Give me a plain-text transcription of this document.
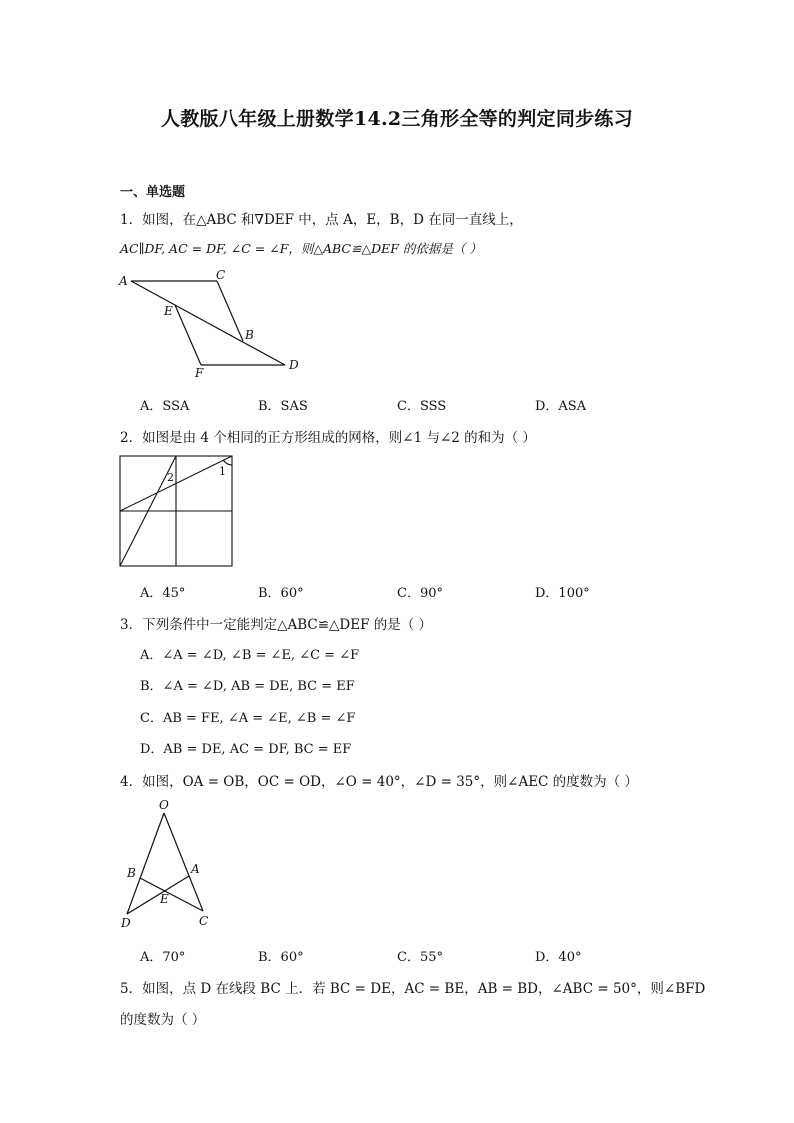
人教版八年级上册数学14.2三角形全等的判定同步练习
一、单选题
1．如图，在△ABC 和∇DEF 中，点 A，E，B，D 在同一直线上，
AC∥DF, AC = DF, ∠C = ∠F，则△ABC≌△DEF 的依据是（ ）
A	C
E
B
D
F
A．SSA	B．SAS	C．SSS	D．ASA
2．如图是由 4 个相同的正方形组成的网格，则∠1 与∠2 的和为（ ）
2	1
A．45°	B．60°	C．90°	D．100°
3．下列条件中一定能判定△ABC≌△DEF 的是（ ）
A．∠A = ∠D, ∠B = ∠E, ∠C = ∠F
B．∠A = ∠D, AB = DE, BC = EF
C．AB = FE, ∠A = ∠E, ∠B = ∠F
D．AB = DE, AC = DF, BC = EF
4．如图，OA = OB，OC = OD，∠O = 40°，∠D = 35°，则∠AEC 的度数为（ ）
O
B	A
E
D	C
A．70°	B．60°	C．55°	D．40°
5．如图，点 D 在线段 BC 上．若 BC = DE，AC = BE，AB = BD，∠ABC = 50°，则∠BFD
的度数为（ ）
